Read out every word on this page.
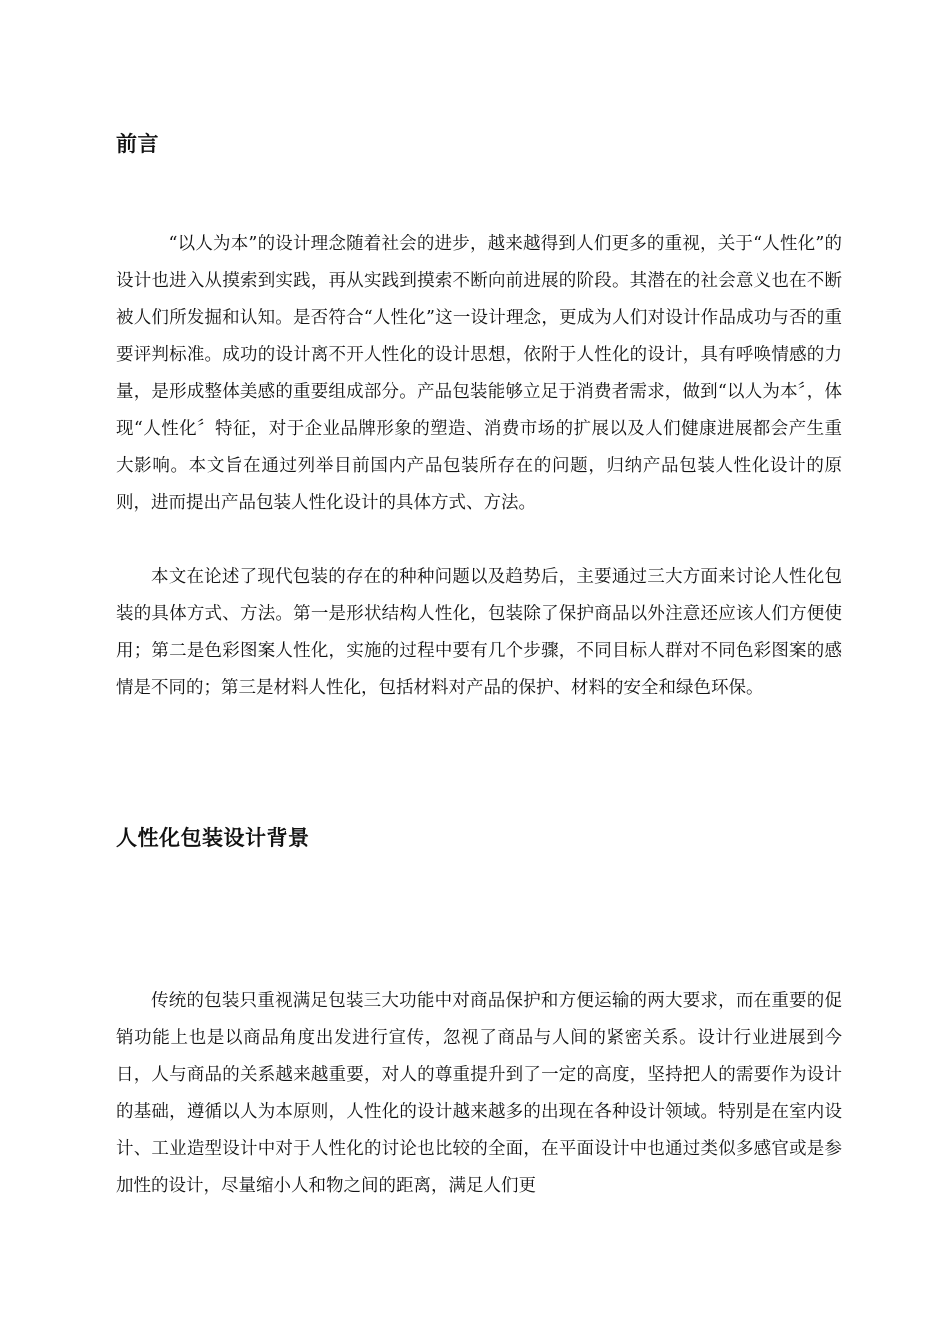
前言

“以人为本”的设计理念随着社会的进步，越来越得到人们更多的重视，关于“人性化”的设计也进入从摸索到实践，再从实践到摸索不断向前进展的阶段。其潜在的社会意义也在不断被人们所发掘和认知。是否符合“人性化”这一设计理念，更成为人们对设计作品成功与否的重要评判标准。成功的设计离不开人性化的设计思想，依附于人性化的设计，具有呼唤情感的力量，是形成整体美感的重要组成部分。产品包装能够立足于消费者需求，做到“以人为本〞，体现“人性化〞特征，对于企业品牌形象的塑造、消费市场的扩展以及人们健康进展都会产生重大影响。本文旨在通过列举目前国内产品包装所存在的问题，归纳产品包装人性化设计的原则，进而提出产品包装人性化设计的具体方式、方法。

本文在论述了现代包装的存在的种种问题以及趋势后，主要通过三大方面来讨论人性化包装的具体方式、方法。第一是形状结构人性化，包装除了保护商品以外注意还应该人们方便使用；第二是色彩图案人性化，实施的过程中要有几个步骤，不同目标人群对不同色彩图案的感情是不同的；第三是材料人性化，包括材料对产品的保护、材料的安全和绿色环保。

人性化包装设计背景

传统的包装只重视满足包装三大功能中对商品保护和方便运输的两大要求，而在重要的促销功能上也是以商品角度出发进行宣传，忽视了商品与人间的紧密关系。设计行业进展到今日，人与商品的关系越来越重要，对人的尊重提升到了一定的高度，坚持把人的需要作为设计的基础，遵循以人为本原则，人性化的设计越来越多的出现在各种设计领域。特别是在室内设计、工业造型设计中对于人性化的讨论也比较的全面，在平面设计中也通过类似多感官或是参加性的设计，尽量缩小人和物之间的距离，满足人们更
